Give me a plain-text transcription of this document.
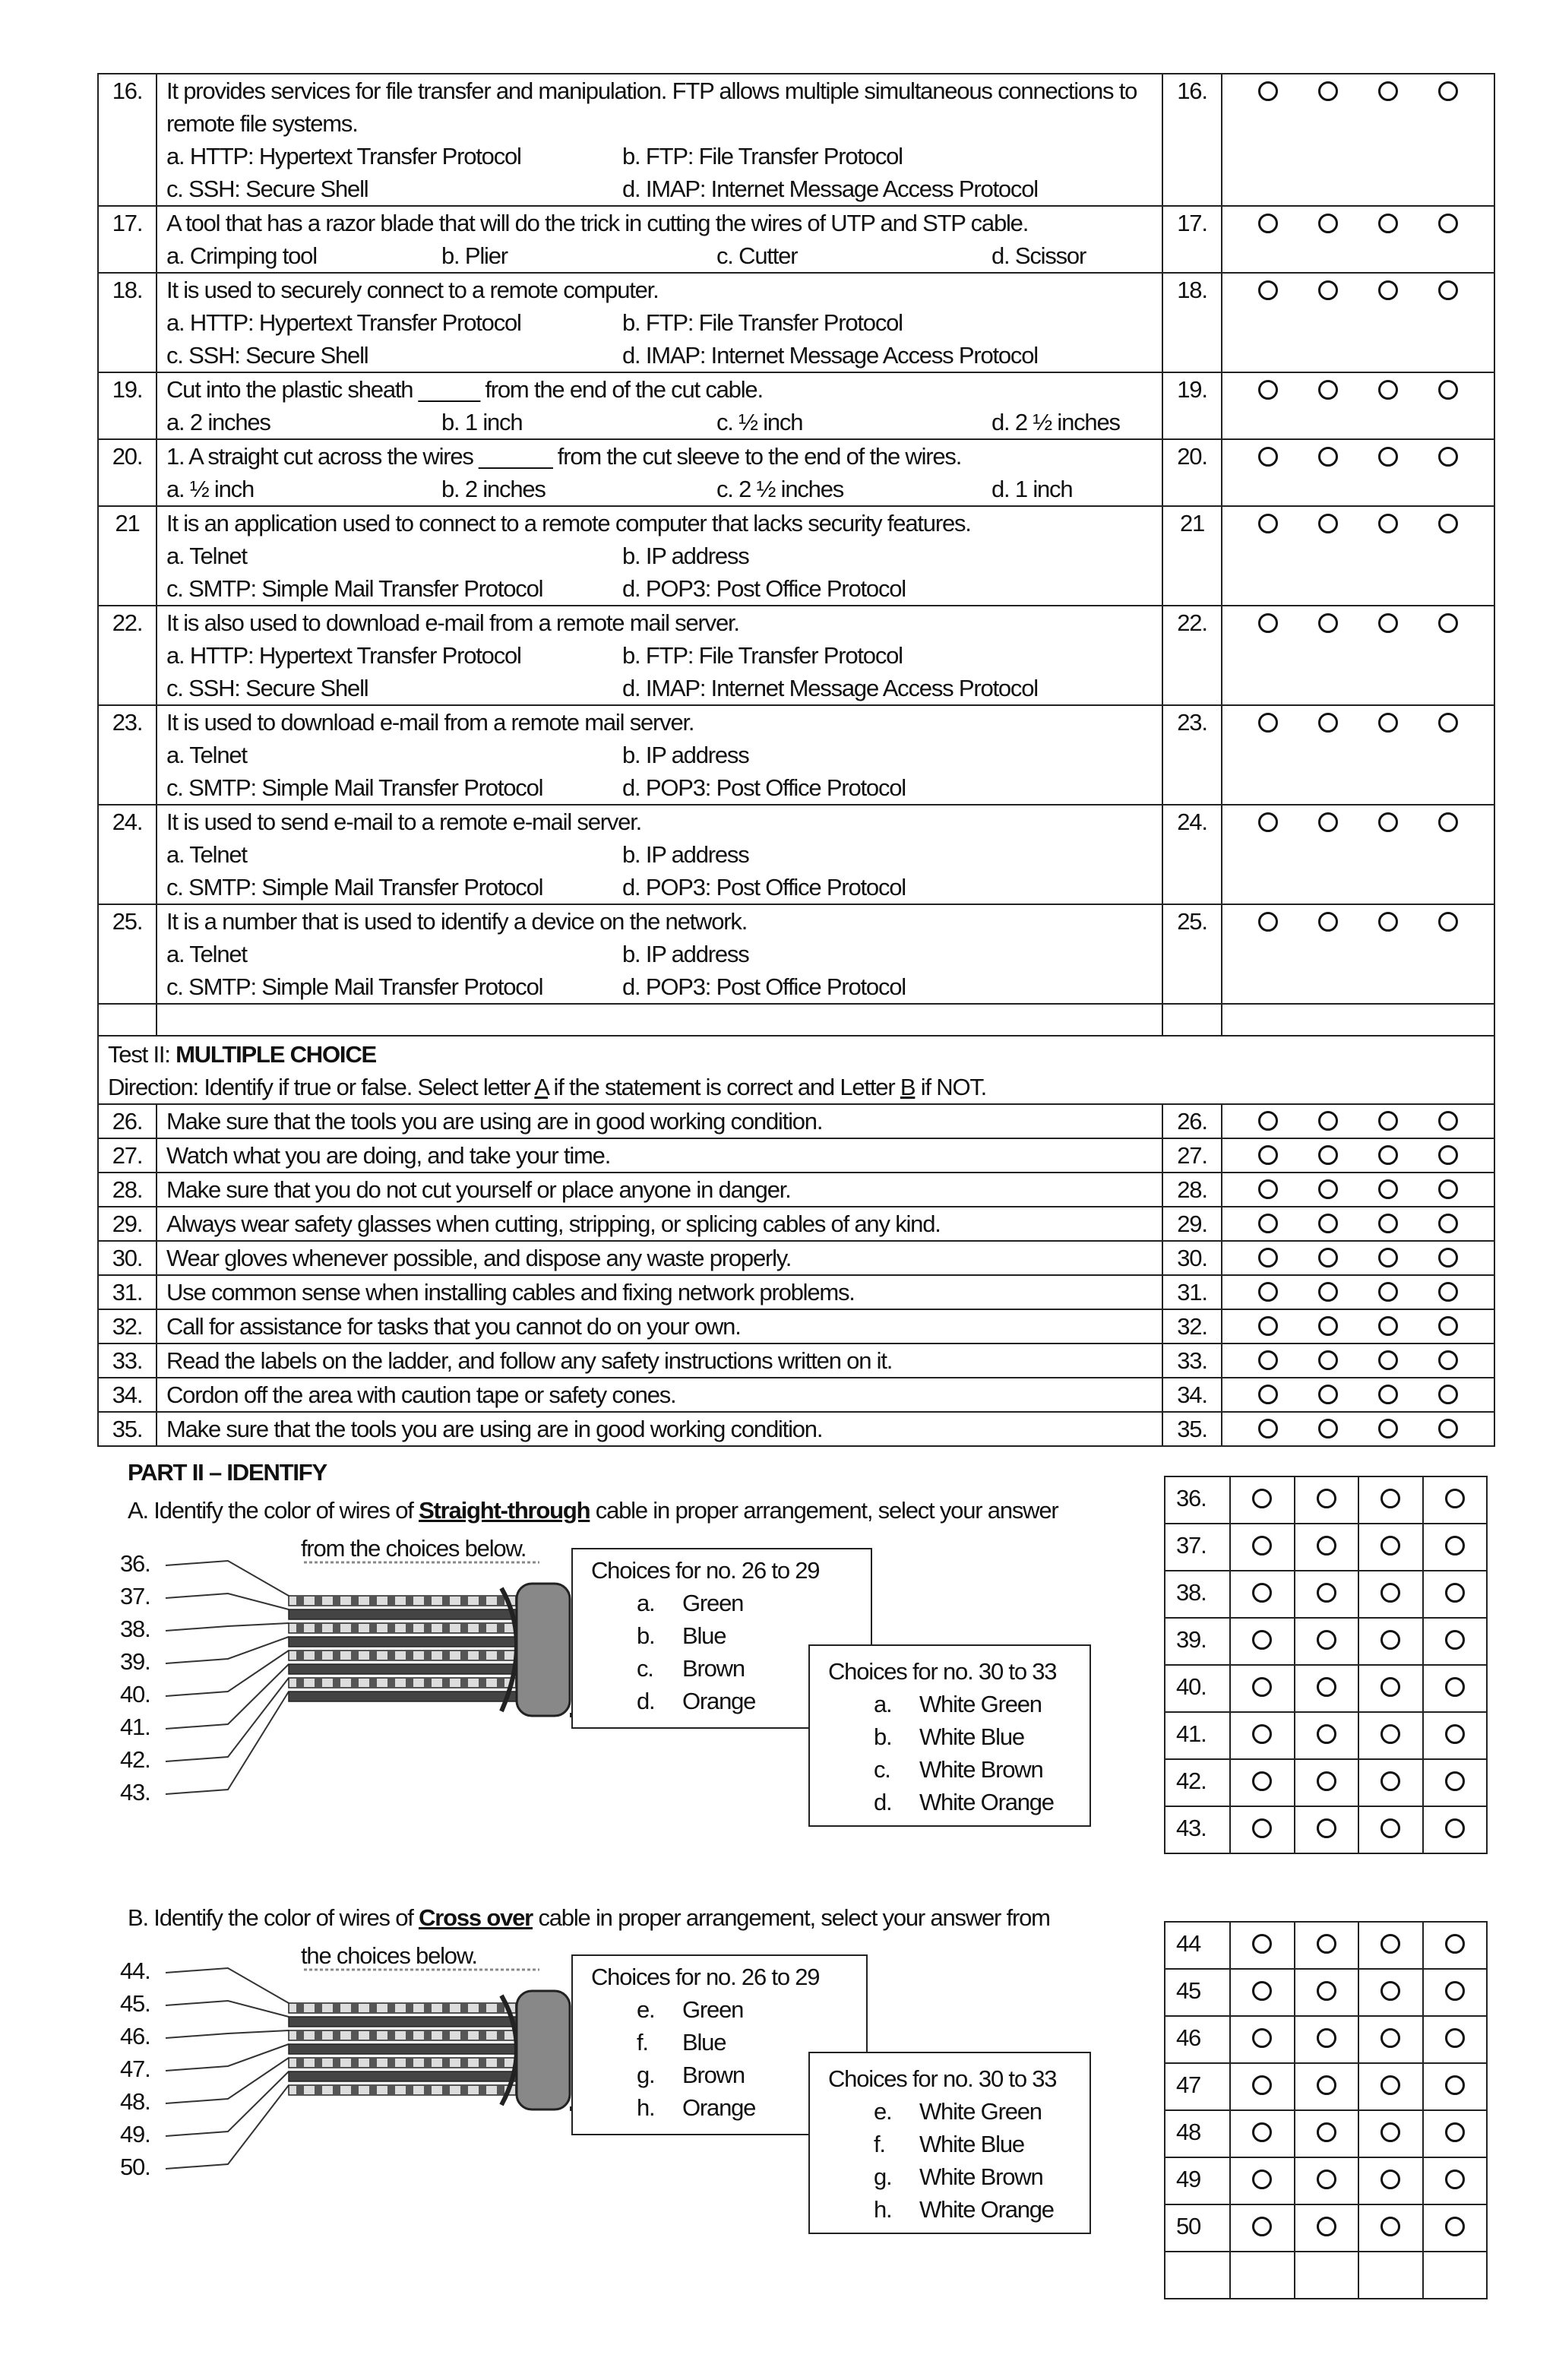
16.	It provides services for file transfer and manipulation. FTP allows multiple simultaneous connections to remote file systems.
a. HTTP: Hypertext Transfer Protocol b. FTP: File Transfer Protocol
c. SSH: Secure Shell d. IMAP: Internet Message Access Protocol	16.	

17.	A tool that has a razor blade that will do the trick in cutting the wires of UTP and STP cable.
a. Crimping tool b. Plier c. Cutter d. Scissor	17.	

18.	It is used to securely connect to a remote computer.
a. HTTP: Hypertext Transfer Protocol b. FTP: File Transfer Protocol
c. SSH: Secure Shell d. IMAP: Internet Message Access Protocol	18.	

19.	Cut into the plastic sheath _____ from the end of the cut cable.
a. 2 inches b. 1 inch c. ½ inch d. 2 ½ inches	19.	

20.	1. A straight cut across the wires ______ from the cut sleeve to the end of the wires.
a. ½ inch b. 2 inches c. 2 ½ inches d. 1 inch	20.	

21	It is an application used to connect to a remote computer that lacks security features.
a. Telnet b. IP address
c. SMTP: Simple Mail Transfer Protocol d. POP3: Post Office Protocol	21	

22.	It is also used to download e-mail from a remote mail server.
a. HTTP: Hypertext Transfer Protocol b. FTP: File Transfer Protocol
c. SSH: Secure Shell d. IMAP: Internet Message Access Protocol	22.	

23.	It is used to download e-mail from a remote mail server.
a. Telnet b. IP address
c. SMTP: Simple Mail Transfer Protocol d. POP3: Post Office Protocol	23.	

24.	It is used to send e-mail to a remote e-mail server.
a. Telnet b. IP address
c. SMTP: Simple Mail Transfer Protocol d. POP3: Post Office Protocol	24.	

25.	It is a number that is used to identify a device on the network.
a. Telnet b. IP address
c. SMTP: Simple Mail Transfer Protocol d. POP3: Post Office Protocol	25.	

Test II: MULTIPLE CHOICE
Direction: Identify if true or false. Select letter A if the statement is correct and Letter B if NOT.			

26.	Make sure that the tools you are using are in good working condition.	26.	

27.	Watch what you are doing, and take your time.	27.	

28.	Make sure that you do not cut yourself or place anyone in danger.	28.	

29.	Always wear safety glasses when cutting, stripping, or splicing cables of any kind.	29.	

30.	Wear gloves whenever possible, and dispose any waste properly.	30.	

31.	Use common sense when installing cables and fixing network problems.	31.	

32.	Call for assistance for tasks that you cannot do on your own.	32.	

33.	Read the labels on the ladder, and follow any safety instructions written on it.	33.	

34.	Cordon off the area with caution tape or safety cones.	34.	

35.	Make sure that the tools you are using are in good working condition.	35.	
PART II – IDENTIFY
A. Identify the color of wires of Straight-through cable in proper arrangement, select your answer
from the choices below.
36.
37.
38.
39.
40.
41.
42.
43.
Choices for no. 26 to 29
a.	Green
b.	Blue
c.	Brown
d.	Orange
Choices for no. 30 to 33
a.	White Green
b.	White Blue
c.	White Brown
d.	White Orange
36.				
37.				
38.				
39.				
40.				
41.				
42.				
43.				
B. Identify the color of wires of Cross over cable in proper arrangement, select your answer from
the choices below.
44.
45.
46.
47.
48.
49.
50.
Choices for no. 26 to 29
e.	Green
f.	Blue
g.	Brown
h.	Orange
Choices for no. 30 to 33
e.	White Green
f.	White Blue
g.	White Brown
h.	White Orange
44				
45				
46				
47				
48				
49				
50				
